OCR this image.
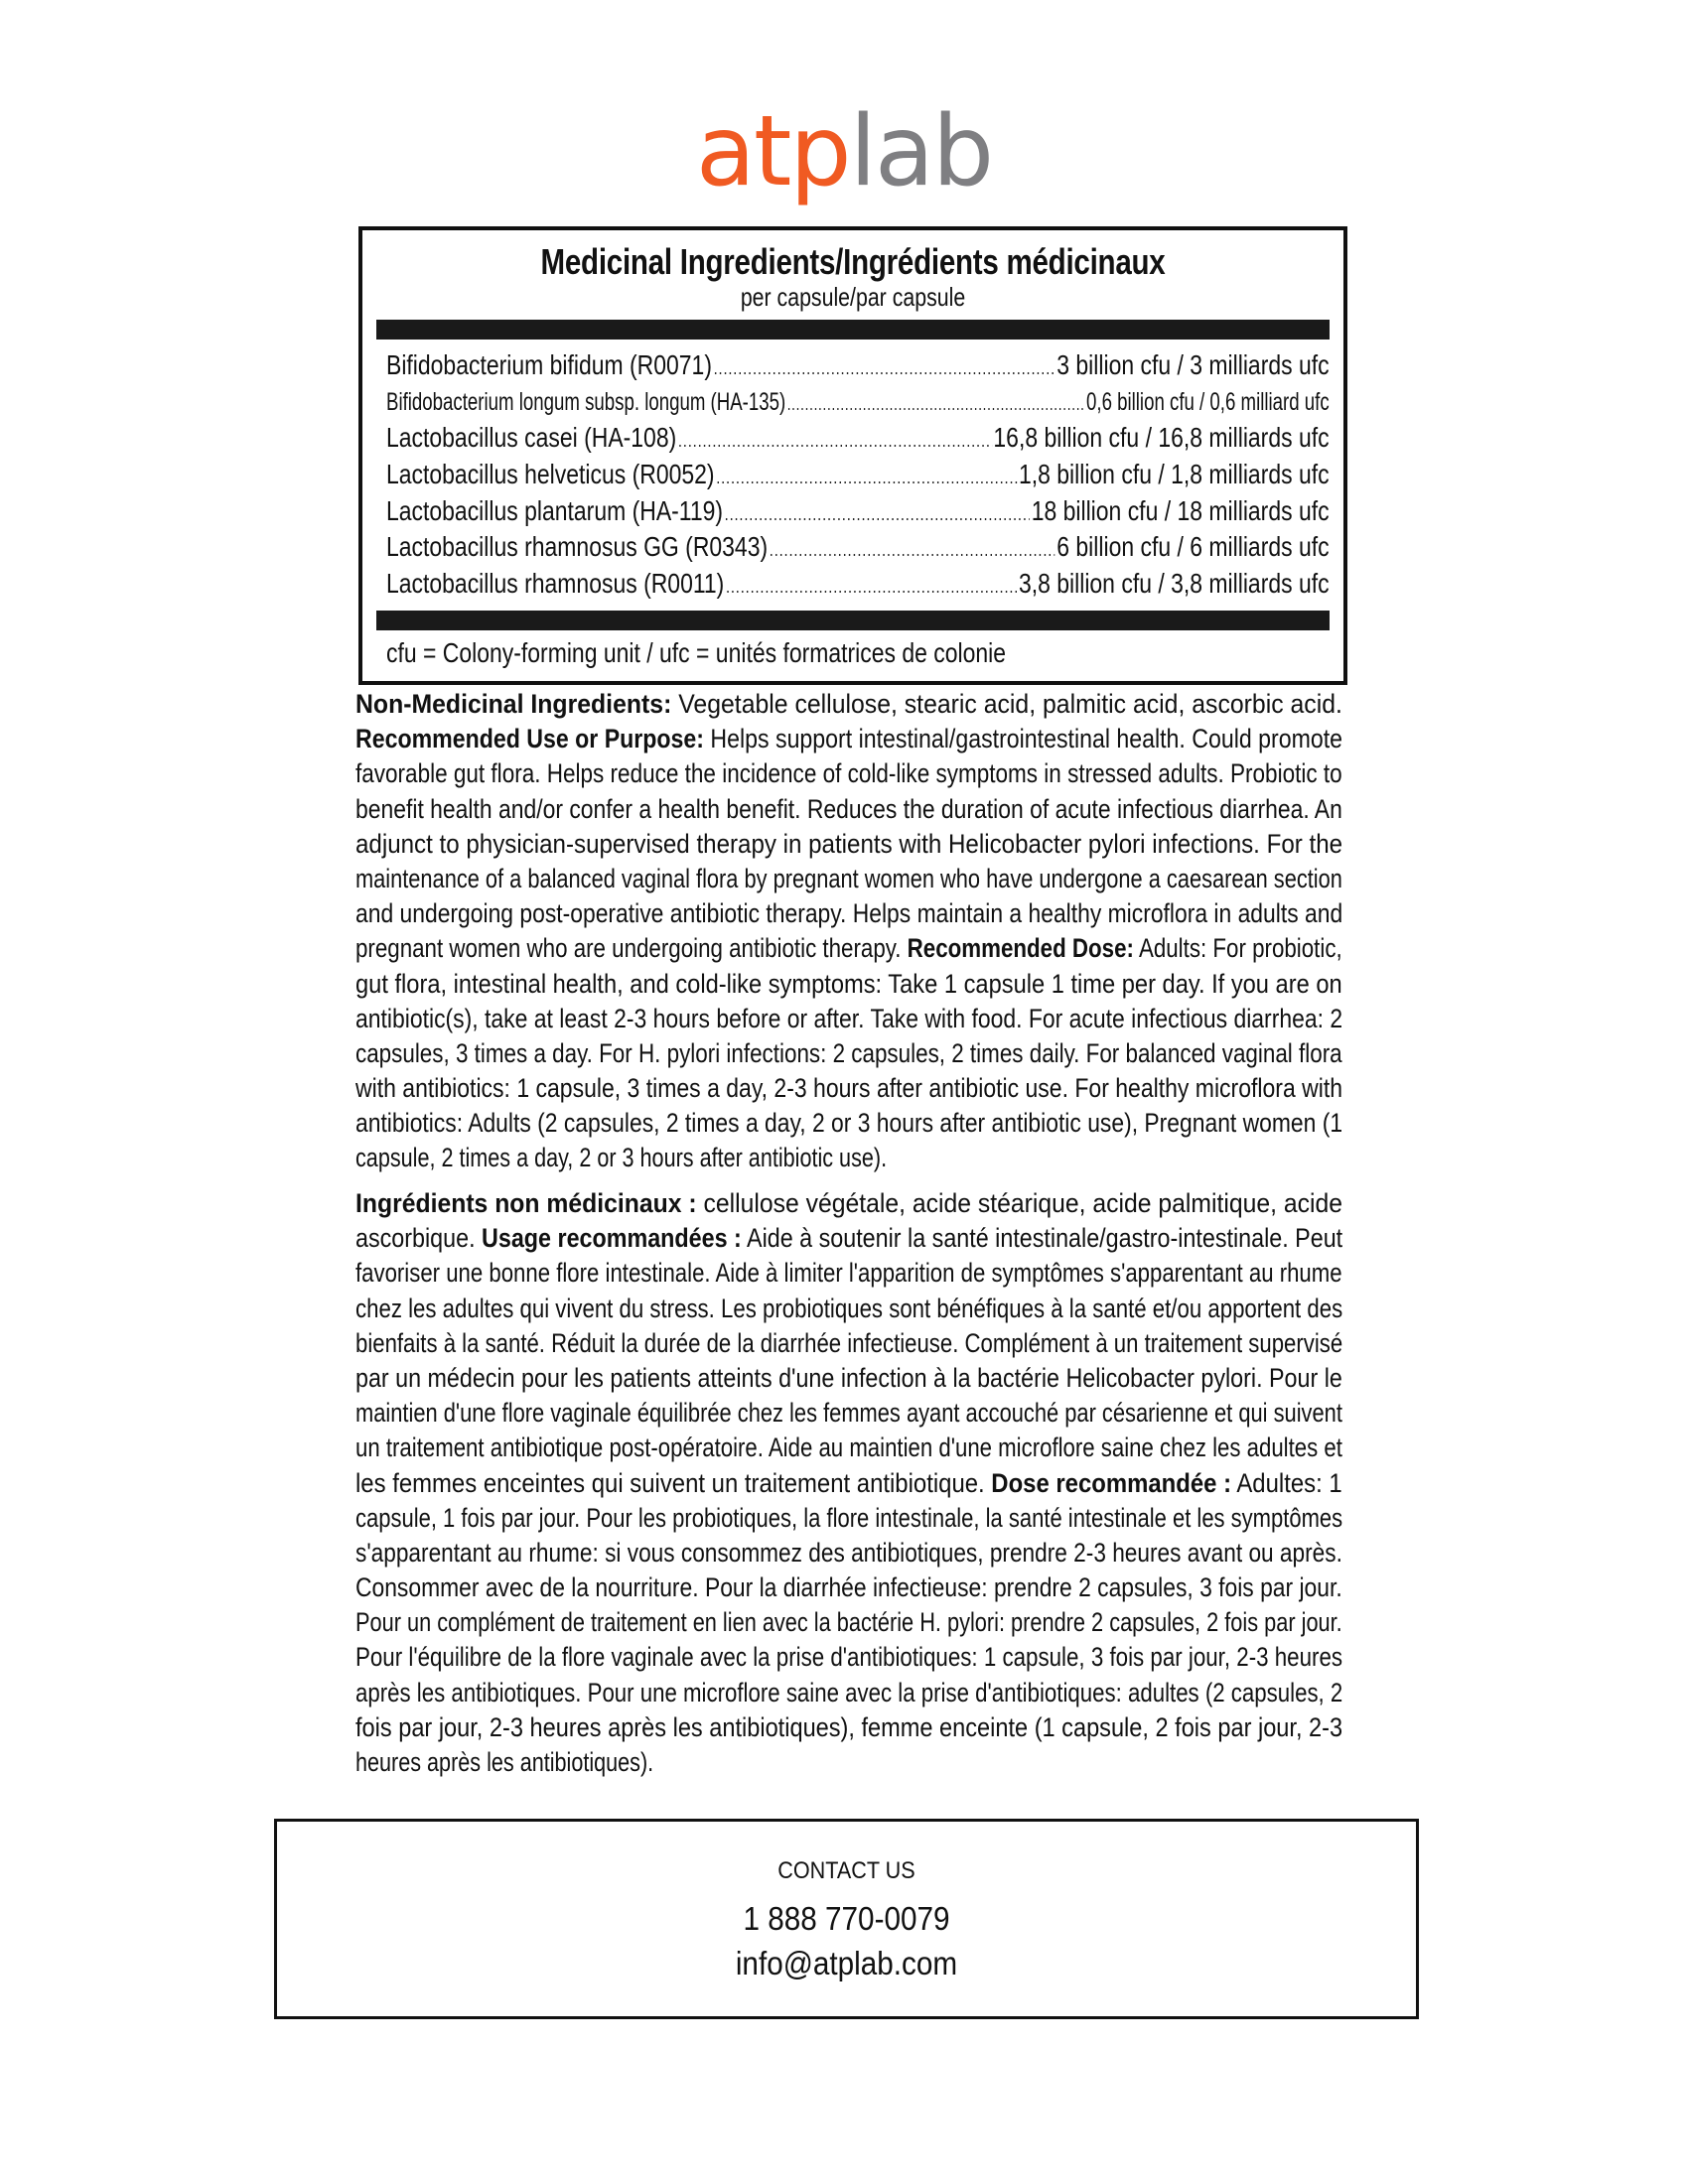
atplab
Medicinal Ingredients/Ingrédients médicinaux
per capsule/par capsule
Bifidobacterium bifidum (R0071) .....	3 billion cfu / 3 milliards ufc
Bifidobacterium longum subsp. longum (HA-135) .....	0,6 billion cfu / 0,6 milliard ufc
Lactobacillus casei (HA-108) .....	16,8 billion cfu / 16,8 milliards ufc
Lactobacillus helveticus (R0052) .....	1,8 billion cfu / 1,8 milliards ufc
Lactobacillus plantarum (HA-119) .....	18 billion cfu / 18 milliards ufc
Lactobacillus rhamnosus GG (R0343) .....	6 billion cfu / 6 milliards ufc
Lactobacillus rhamnosus (R0011) .....	3,8 billion cfu / 3,8 milliards ufc
cfu = Colony-forming unit / ufc = unités formatrices de colonie
Non-Medicinal Ingredients: Vegetable cellulose, stearic acid, palmitic acid, ascorbic acid.
Recommended Use or Purpose: Helps support intestinal/gastrointestinal health. Could promote
favorable gut flora. Helps reduce the incidence of cold-like symptoms in stressed adults. Probiotic to
benefit health and/or confer a health benefit. Reduces the duration of acute infectious diarrhea. An
adjunct to physician-supervised therapy in patients with Helicobacter pylori infections. For the
maintenance of a balanced vaginal flora by pregnant women who have undergone a caesarean section
and undergoing post-operative antibiotic therapy. Helps maintain a healthy microflora in adults and
pregnant women who are undergoing antibiotic therapy. Recommended Dose: Adults: For probiotic,
gut flora, intestinal health, and cold-like symptoms: Take 1 capsule 1 time per day. If you are on
antibiotic(s), take at least 2-3 hours before or after. Take with food. For acute infectious diarrhea: 2
capsules, 3 times a day. For H. pylori infections: 2 capsules, 2 times daily. For balanced vaginal flora
with antibiotics: 1 capsule, 3 times a day, 2-3 hours after antibiotic use. For healthy microflora with
antibiotics: Adults (2 capsules, 2 times a day, 2 or 3 hours after antibiotic use), Pregnant women (1
capsule, 2 times a day, 2 or 3 hours after antibiotic use).
Ingrédients non médicinaux : cellulose végétale, acide stéarique, acide palmitique, acide
ascorbique. Usage recommandées : Aide à soutenir la santé intestinale/gastro-intestinale. Peut
favoriser une bonne flore intestinale. Aide à limiter l'apparition de symptômes s'apparentant au rhume
chez les adultes qui vivent du stress. Les probiotiques sont bénéfiques à la santé et/ou apportent des
bienfaits à la santé. Réduit la durée de la diarrhée infectieuse. Complément à un traitement supervisé
par un médecin pour les patients atteints d'une infection à la bactérie Helicobacter pylori. Pour le
maintien d'une flore vaginale équilibrée chez les femmes ayant accouché par césarienne et qui suivent
un traitement antibiotique post-opératoire. Aide au maintien d'une microflore saine chez les adultes et
les femmes enceintes qui suivent un traitement antibiotique. Dose recommandée : Adultes: 1
capsule, 1 fois par jour. Pour les probiotiques, la flore intestinale, la santé intestinale et les symptômes
s'apparentant au rhume: si vous consommez des antibiotiques, prendre 2-3 heures avant ou après.
Consommer avec de la nourriture. Pour la diarrhée infectieuse: prendre 2 capsules, 3 fois par jour.
Pour un complément de traitement en lien avec la bactérie H. pylori: prendre 2 capsules, 2 fois par jour.
Pour l'équilibre de la flore vaginale avec la prise d'antibiotiques: 1 capsule, 3 fois par jour, 2-3 heures
après les antibiotiques. Pour une microflore saine avec la prise d'antibiotiques: adultes (2 capsules, 2
fois par jour, 2-3 heures après les antibiotiques), femme enceinte (1 capsule, 2 fois par jour, 2-3
heures après les antibiotiques).
CONTACT US
1 888 770-0079
info@atplab.com
